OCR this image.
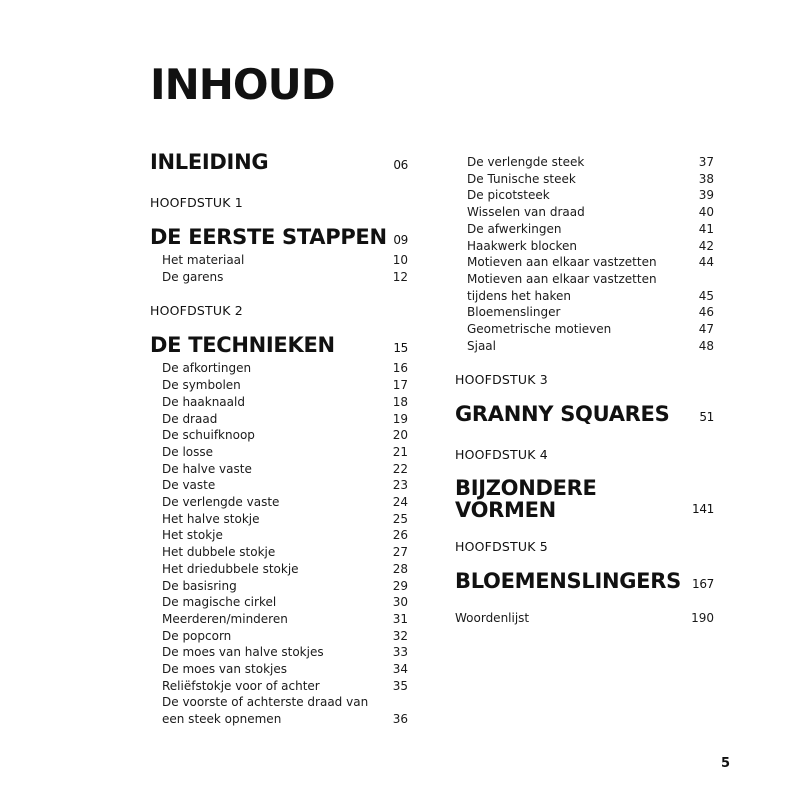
INHOUD
INLEIDING	06
HOOFDSTUK 1
DE EERSTE STAPPEN 09
Het materiaal	10
De garens	12
HOOFDSTUK 2
DE TECHNIEKEN	15
De afkortingen	16
De symbolen	17
De haaknaald	18
De draad	19
De schuifknoop	20
De losse	21
De halve vaste	22
De vaste	23
De verlengde vaste	24
Het halve stokje	25
Het stokje	26
Het dubbele stokje	27
Het driedubbele stokje	28
De basisring	29
De magische cirkel	30
Meerderen/minderen	31
De popcorn	32
De moes van halve stokjes	33
De moes van stokjes	34
Reliëfstokje voor of achter	35
De voorste of achterste draad van
een steek opnemen	36
De verlengde steek	37
De Tunische steek	38
De picotsteek	39
Wisselen van draad	40
De afwerkingen	41
Haakwerk blocken	42
Motieven aan elkaar vastzetten	44
Motieven aan elkaar vastzetten
tijdens het haken	45
Bloemenslinger	46
Geometrische motieven	47
Sjaal	48
HOOFDSTUK 3
GRANNY SQUARES 51
HOOFDSTUK 4
BIJZONDERE
VORMEN	141
HOOFDSTUK 5
BLOEMENSLINGERS 167
Woordenlijst	190
5
